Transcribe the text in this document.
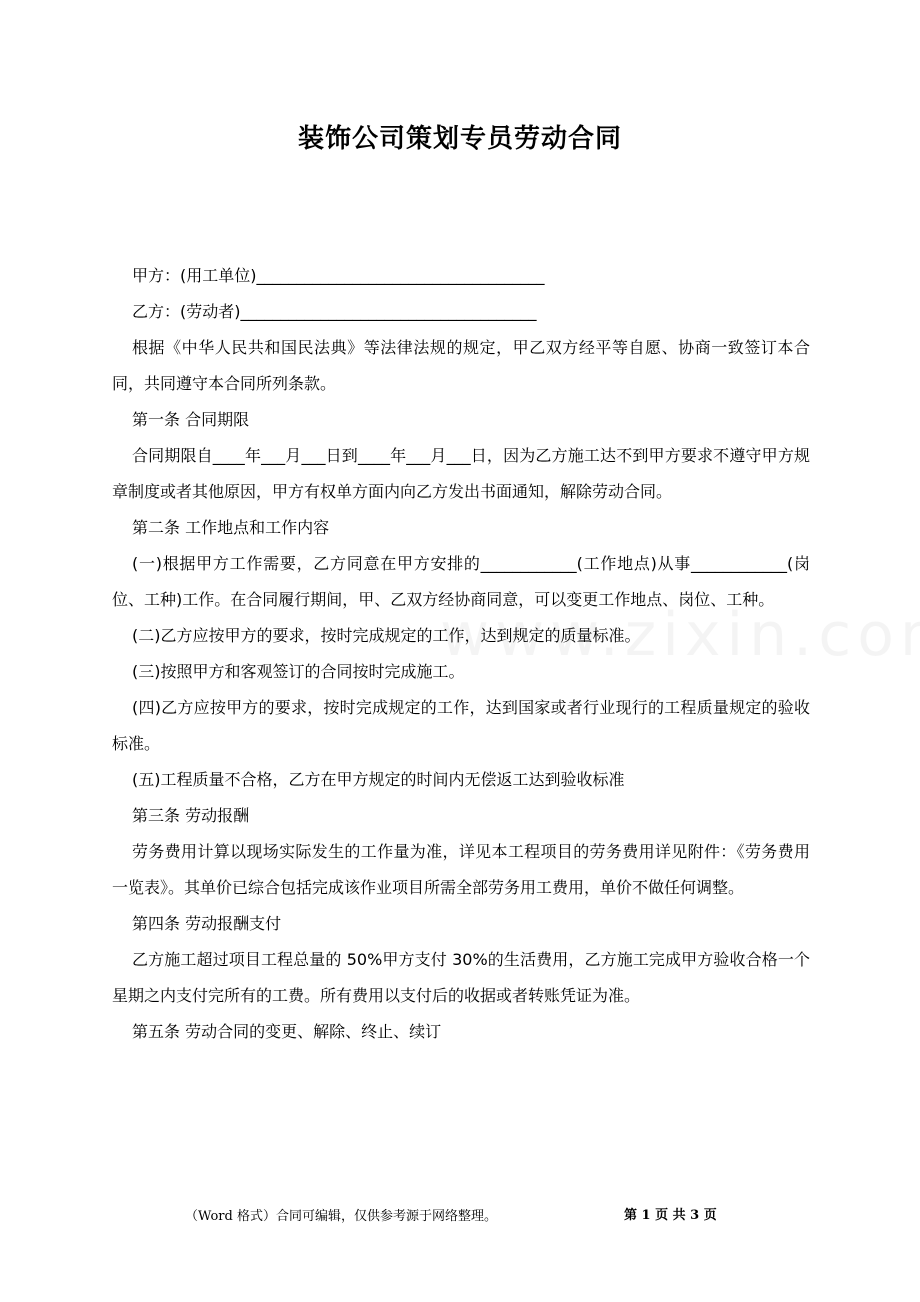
装饰公司策划专员劳动合同

甲方：(用工单位)____________________________________

乙方：(劳动者)_____________________________________

根据《中华人民共和国民法典》等法律法规的规定，甲乙双方经平等自愿、协商一致签订本合同，共同遵守本合同所列条款。

第一条 合同期限

合同期限自____年___月___日到____年___月___日，因为乙方施工达不到甲方要求不遵守甲方规章制度或者其他原因，甲方有权单方面内向乙方发出书面通知，解除劳动合同。

第二条 工作地点和工作内容

(一)根据甲方工作需要，乙方同意在甲方安排的____________(工作地点)从事____________(岗位、工种)工作。在合同履行期间，甲、乙双方经协商同意，可以变更工作地点、岗位、工种。

(二)乙方应按甲方的要求，按时完成规定的工作，达到规定的质量标准。

(三)按照甲方和客观签订的合同按时完成施工。

(四)乙方应按甲方的要求，按时完成规定的工作，达到国家或者行业现行的工程质量规定的验收标准。

(五)工程质量不合格，乙方在甲方规定的时间内无偿返工达到验收标准

第三条 劳动报酬

劳务费用计算以现场实际发生的工作量为准，详见本工程项目的劳务费用详见附件：《劳务费用一览表》。其单价已综合包括完成该作业项目所需全部劳务用工费用，单价不做任何调整。

第四条 劳动报酬支付

乙方施工超过项目工程总量的 50%甲方支付 30%的生活费用，乙方施工完成甲方验收合格一个星期之内支付完所有的工费。所有费用以支付后的收据或者转账凭证为准。

第五条 劳动合同的变更、解除、终止、续订

（Word 格式）合同可编辑，仅供参考源于网络整理。	第 1 页 共 3 页
